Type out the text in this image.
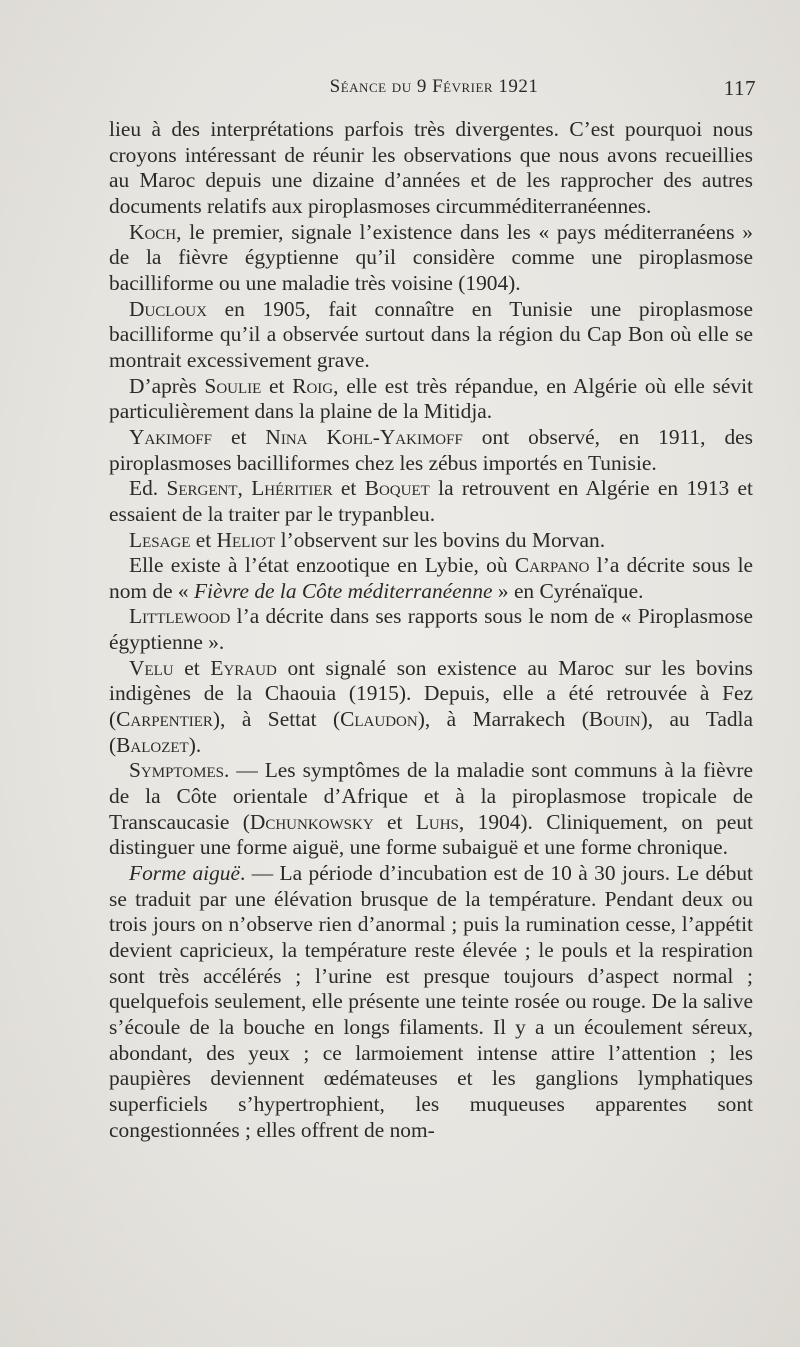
Séance du 9 Février 1921	117

lieu à des interprétations parfois très divergentes. C’est pourquoi nous croyons intéressant de réunir les observations que nous avons recueillies au Maroc depuis une dizaine d’années et de les rapprocher des autres documents relatifs aux piroplasmoses circumméditerranéennes.

Koch, le premier, signale l’existence dans les « pays méditerranéens » de la fièvre égyptienne qu’il considère comme une piroplasmose bacilliforme ou une maladie très voisine (1904).

Ducloux en 1905, fait connaître en Tunisie une piroplasmose bacilliforme qu’il a observée surtout dans la région du Cap Bon où elle se montrait excessivement grave.

D’après Soulie et Roig, elle est très répandue, en Algérie où elle sévit particulièrement dans la plaine de la Mitidja.

Yakimoff et Nina Kohl-Yakimoff ont observé, en 1911, des piroplasmoses bacilliformes chez les zébus importés en Tunisie.

Ed. Sergent, Lhéritier et Boquet la retrouvent en Algérie en 1913 et essaient de la traiter par le trypanbleu.

Lesage et Heliot l’observent sur les bovins du Morvan.

Elle existe à l’état enzootique en Lybie, où Carpano l’a décrite sous le nom de « Fièvre de la Côte méditerranéenne » en Cyrénaïque.

Littlewood l’a décrite dans ses rapports sous le nom de « Piroplasmose égyptienne ».

Velu et Eyraud ont signalé son existence au Maroc sur les bovins indigènes de la Chaouia (1915). Depuis, elle a été retrouvée à Fez (Carpentier), à Settat (Claudon), à Marrakech (Bouin), au Tadla (Balozet).

Symptomes. — Les symptômes de la maladie sont communs à la fièvre de la Côte orientale d’Afrique et à la piroplasmose tropicale de Transcaucasie (Dchunkowsky et Luhs, 1904). Cliniquement, on peut distinguer une forme aiguë, une forme subaiguë et une forme chronique.

Forme aiguë. — La période d’incubation est de 10 à 30 jours. Le début se traduit par une élévation brusque de la température. Pendant deux ou trois jours on n’observe rien d’anormal ; puis la rumination cesse, l’appétit devient capricieux, la température reste élevée ; le pouls et la respiration sont très accélérés ; l’urine est presque toujours d’aspect normal ; quelquefois seulement, elle présente une teinte rosée ou rouge. De la salive s’écoule de la bouche en longs filaments. Il y a un écoulement séreux, abondant, des yeux ; ce larmoiement intense attire l’attention ; les paupières deviennent œdémateuses et les ganglions lymphatiques superficiels s’hypertrophient, les muqueuses apparentes sont congestionnées ; elles offrent de nom-
